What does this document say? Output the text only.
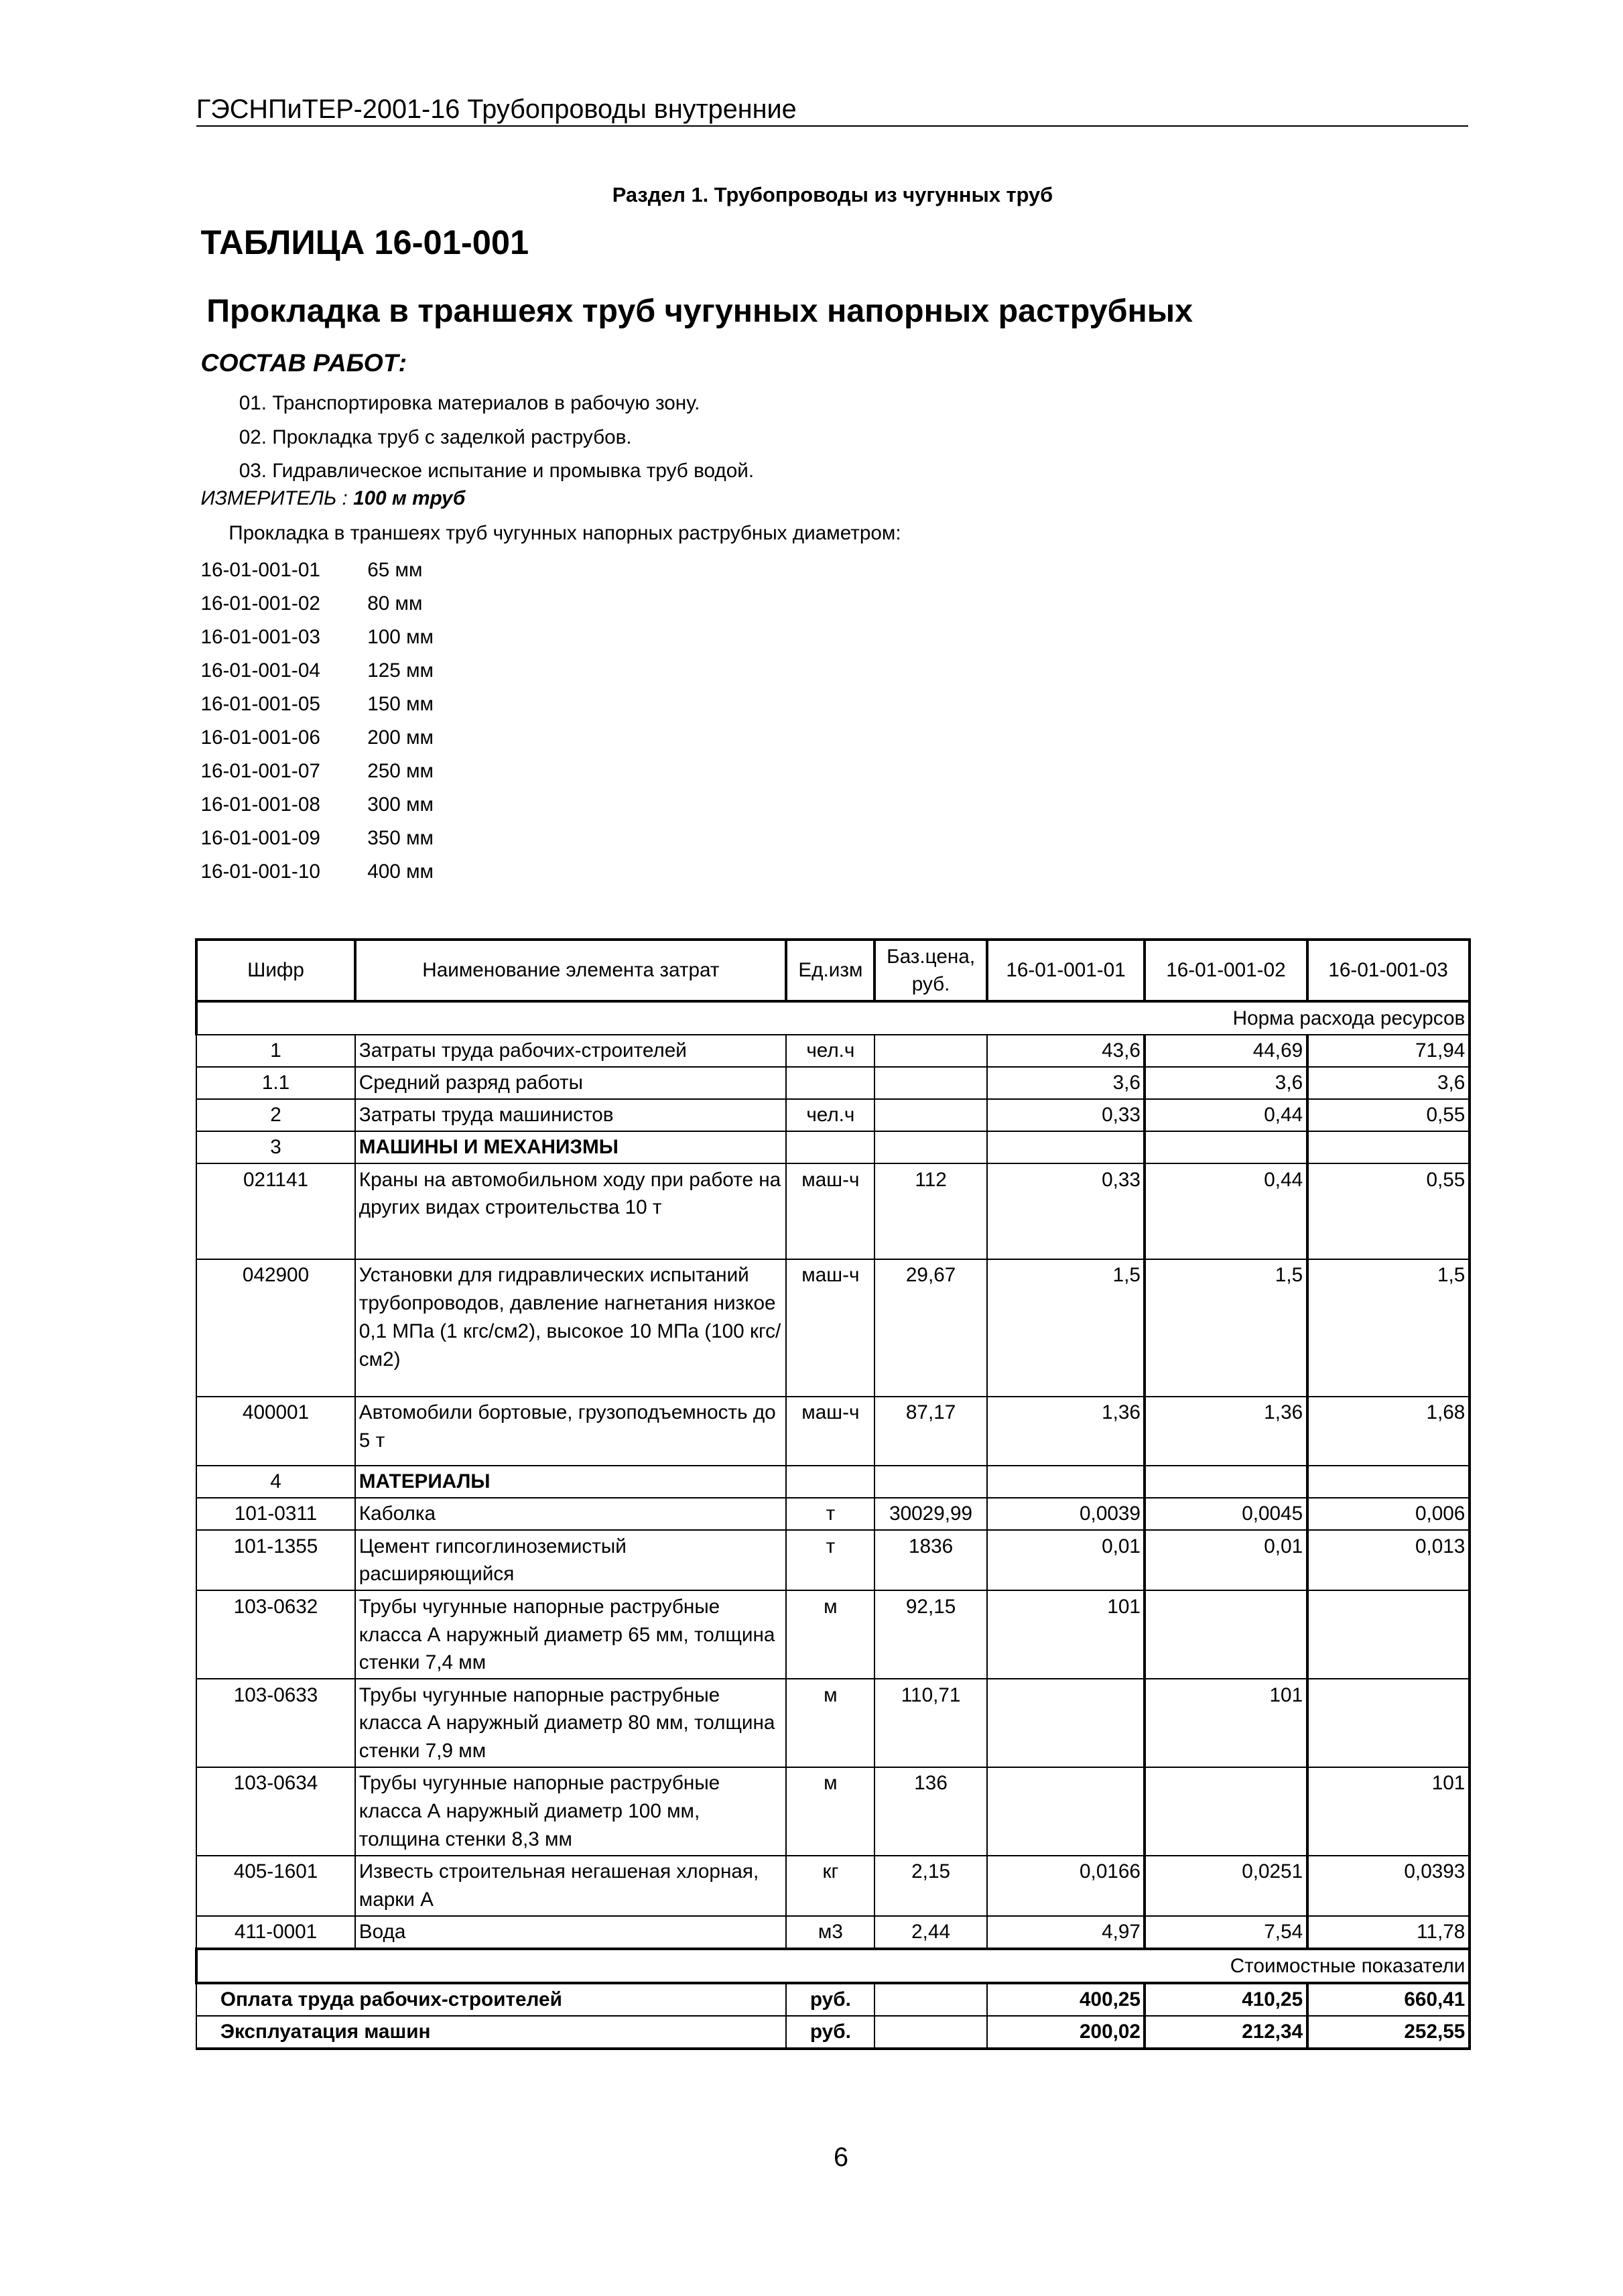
ГЭСНПиТЕР-2001-16 Трубопроводы внутренние
Раздел 1. Трубопроводы из чугунных труб
ТАБЛИЦА 16-01-001
Прокладка в траншеях труб чугунных напорных раструбных
СОСТАВ РАБОТ:
01. Транспортировка материалов в рабочую зону.
02. Прокладка труб с заделкой раструбов.
03. Гидравлическое испытание и промывка труб водой.
ИЗМЕРИТЕЛЬ : 100 м труб
Прокладка в траншеях труб чугунных напорных раструбных диаметром:
16-01-001-01	65 мм
16-01-001-02	80 мм
16-01-001-03	100 мм
16-01-001-04	125 мм
16-01-001-05	150 мм
16-01-001-06	200 мм
16-01-001-07	250 мм
16-01-001-08	300 мм
16-01-001-09	350 мм
16-01-001-10	400 мм
Шифр	Наименование элемента затрат	Ед.изм	Баз.цена, руб.	16-01-001-01	16-01-001-02	16-01-001-03
Норма расхода ресурсов						
1	Затраты труда рабочих-строителей	чел.ч		43,6	44,69	71,94
1.1	Средний разряд работы			3,6	3,6	3,6
2	Затраты труда машинистов	чел.ч		0,33	0,44	0,55
3	МАШИНЫ И МЕХАНИЗМЫ					
021141	Краны на автомобильном ходу при работе на других видах строительства 10 т	маш-ч	112	0,33	0,44	0,55
042900	Установки для гидравлических испытаний трубопроводов, давление нагнетания низкое 0,1 МПа (1 кгс/см2), высокое 10 МПа (100 кгс/см2)	маш-ч	29,67	1,5	1,5	1,5
400001	Автомобили бортовые, грузоподъемность до 5 т	маш-ч	87,17	1,36	1,36	1,68
4	МАТЕРИАЛЫ					
101-0311	Каболка	т	30029,99	0,0039	0,0045	0,006
101-1355	Цемент гипсоглиноземистый расширяющийся	т	1836	0,01	0,01	0,013
103-0632	Трубы чугунные напорные раструбные класса А наружный диаметр 65 мм, толщина стенки 7,4 мм	м	92,15	101		
103-0633	Трубы чугунные напорные раструбные класса А наружный диаметр 80 мм, толщина стенки 7,9 мм	м	110,71		101	
103-0634	Трубы чугунные напорные раструбные класса А наружный диаметр 100 мм, толщина стенки 8,3 мм	м	136			101
405-1601	Известь строительная негашеная хлорная, марки А	кг	2,15	0,0166	0,0251	0,0393
411-0001	Вода	м3	2,44	4,97	7,54	11,78
Стоимостные показатели						
Оплата труда рабочих-строителей		руб.		400,25	410,25	660,41
Эксплуатация машин		руб.		200,02	212,34	252,55
6
